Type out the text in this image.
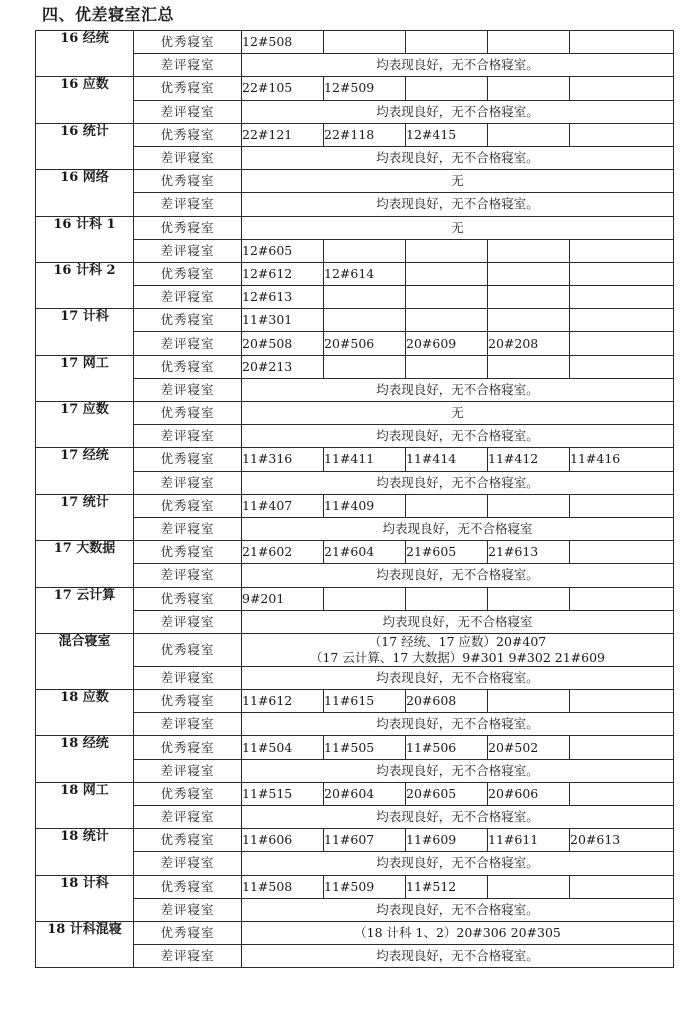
四、优差寝室汇总
16 经统	优秀寝室	12#508				
	差评寝室	均表现良好，无不合格寝室。				
16 应数	优秀寝室	22#105	12#509			
	差评寝室	均表现良好，无不合格寝室。				
16 统计	优秀寝室	22#121	22#118	12#415		
	差评寝室	均表现良好，无不合格寝室。				
16 网络	优秀寝室	无				
	差评寝室	均表现良好，无不合格寝室。				
16 计科 1	优秀寝室	无				
	差评寝室	12#605				
16 计科 2	优秀寝室	12#612	12#614			
	差评寝室	12#613				
17 计科	优秀寝室	11#301				
	差评寝室	20#508	20#506	20#609	20#208	
17 网工	优秀寝室	20#213				
	差评寝室	均表现良好，无不合格寝室。				
17 应数	优秀寝室	无				
	差评寝室	均表现良好，无不合格寝室。				
17 经统	优秀寝室	11#316	11#411	11#414	11#412	11#416
	差评寝室	均表现良好，无不合格寝室。				
17 统计	优秀寝室	11#407	11#409			
	差评寝室	均表现良好，无不合格寝室				
17 大数据	优秀寝室	21#602	21#604	21#605	21#613	
	差评寝室	均表现良好，无不合格寝室。				
17 云计算	优秀寝室	9#201				
	差评寝室	均表现良好，无不合格寝室				
混合寝室	优秀寝室	（17 经统、17 应数）20#407
（17 云计算、17 大数据）9#301 9#302 21#609				

	差评寝室	均表现良好，无不合格寝室。				
18 应数	优秀寝室	11#612	11#615	20#608		
	差评寝室	均表现良好，无不合格寝室。				
18 经统	优秀寝室	11#504	11#505	11#506	20#502	
	差评寝室	均表现良好，无不合格寝室。				
18 网工	优秀寝室	11#515	20#604	20#605	20#606	
	差评寝室	均表现良好，无不合格寝室。				
18 统计	优秀寝室	11#606	11#607	11#609	11#611	20#613
	差评寝室	均表现良好，无不合格寝室。				
18 计科	优秀寝室	11#508	11#509	11#512		
	差评寝室	均表现良好，无不合格寝室。				
18 计科混寝	优秀寝室	（18 计科 1、2）20#306 20#305				
	差评寝室	均表现良好，无不合格寝室。				
